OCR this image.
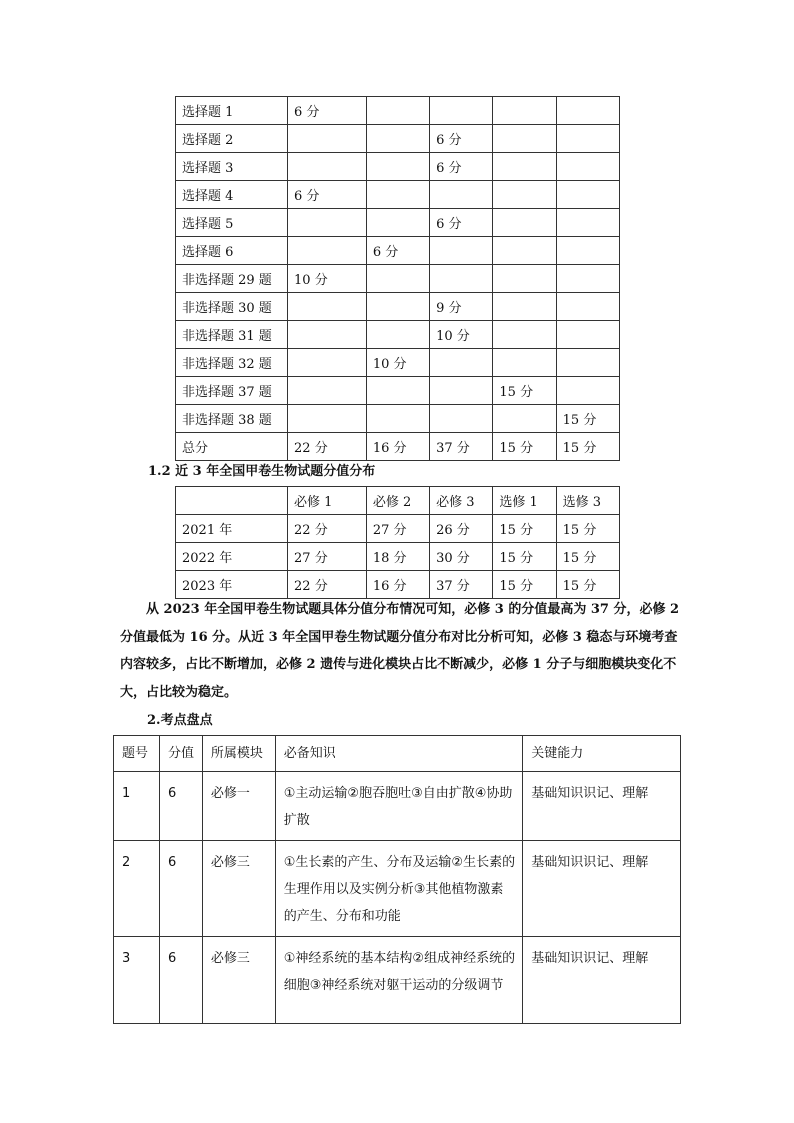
选择题 1	6 分				
选择题 2			6 分		
选择题 3			6 分		
选择题 4	6 分				
选择题 5			6 分		
选择题 6		6 分			
非选择题 29 题	10 分				
非选择题 30 题			9 分		
非选择题 31 题			10 分		
非选择题 32 题		10 分			
非选择题 37 题				15 分	
非选择题 38 题					15 分
总分	22 分	16 分	37 分	15 分	15 分
1.2 近 3 年全国甲卷生物试题分值分布
	必修 1	必修 2	必修 3	选修 1	选修 3
2021 年	22 分	27 分	26 分	15 分	15 分
2022 年	27 分	18 分	30 分	15 分	15 分
2023 年	22 分	16 分	37 分	15 分	15 分

从 2023 年全国甲卷生物试题具体分值分布情况可知，必修 3 的分值最高为 37 分，必修 2 分值最低为 16 分。从近 3 年全国甲卷生物试题分值分布对比分析可知，必修 3 稳态与环境考查内容较多，占比不断增加，必修 2 遗传与进化模块占比不断减少，必修 1 分子与细胞模块变化不大，占比较为稳定。

2.考点盘点
题号	分值	所属模块	必备知识	关键能力
1	6	必修一	①主动运输②胞吞胞吐③自由扩散④协助扩散	基础知识识记、理解
2	6	必修三	①生长素的产生、分布及运输②生长素的生理作用以及实例分析③其他植物激素的产生、分布和功能	基础知识识记、理解
3	6	必修三	①神经系统的基本结构②组成神经系统的细胞③神经系统对躯干运动的分级调节	基础知识识记、理解
